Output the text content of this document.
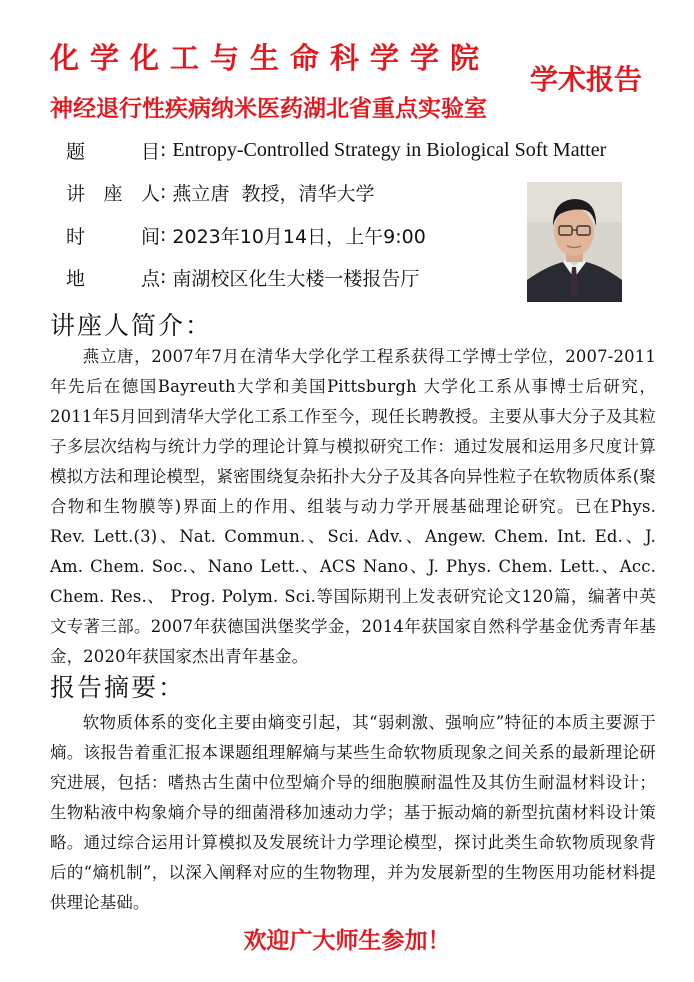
化学化工与生命科学学院
神经退行性疾病纳米医药湖北省重点实验室
学术报告
题目 : Entropy-Controlled Strategy in Biological Soft Matter
讲座人 : 燕立唐  教授，清华大学
时间 : 2023年10月14日，上午9:00
地点 : 南湖校区化生大楼一楼报告厅
讲座人简介：
燕立唐，2007年7月在清华大学化学工程系获得工学博士学位，2007-2011年先后在德国Bayreuth大学和美国Pittsburgh 大学化工系从事博士后研究，2011年5月回到清华大学化工系工作至今，现任长聘教授。主要从事大分子及其粒子多层次结构与统计力学的理论计算与模拟研究工作：通过发展和运用多尺度计算模拟方法和理论模型，紧密围绕复杂拓扑大分子及其各向异性粒子在软物质体系(聚合物和生物膜等)界面上的作用、组装与动力学开展基础理论研究。已在Phys. Rev. Lett.(3)、Nat. Commun.、Sci. Adv.、Angew. Chem. Int. Ed.、J. Am. Chem. Soc.、Nano Lett.、ACS Nano、J. Phys. Chem. Lett.、Acc. Chem. Res.、 Prog. Polym. Sci.等国际期刊上发表研究论文120篇，编著中英文专著三部。2007年获德国洪堡奖学金，2014年获国家自然科学基金优秀青年基金，2020年获国家杰出青年基金。
报告摘要：
软物质体系的变化主要由熵变引起，其“弱刺激、强响应”特征的本质主要源于熵。该报告着重汇报本课题组理解熵与某些生命软物质现象之间关系的最新理论研究进展，包括：嗜热古生菌中位型熵介导的细胞膜耐温性及其仿生耐温材料设计；生物粘液中构象熵介导的细菌滑移加速动力学；基于振动熵的新型抗菌材料设计策略。通过综合运用计算模拟及发展统计力学理论模型，探讨此类生命软物质现象背后的“熵机制”，以深入阐释对应的生物物理，并为发展新型的生物医用功能材料提供理论基础。
欢迎广大师生参加！
